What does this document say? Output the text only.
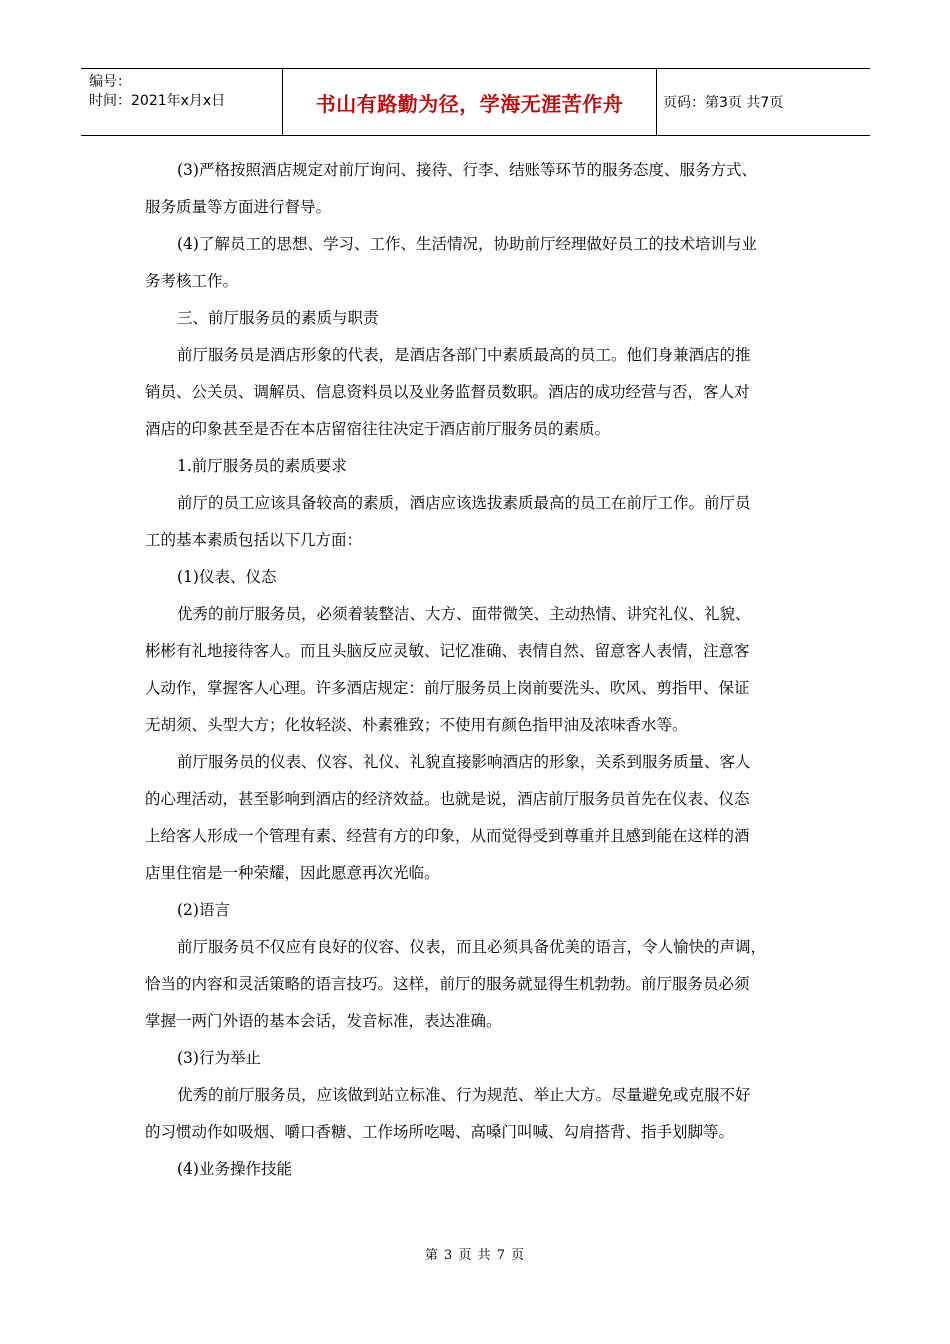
编号：
时间：2021年x月x日	书山有路勤为径，学海无涯苦作舟	页码：第3页 共7页
(3)严格按照酒店规定对前厅询问、接待、行李、结账等环节的服务态度、服务方式、
服务质量等方面进行督导。
(4)了解员工的思想、学习、工作、生活情况，协助前厅经理做好员工的技术培训与业
务考核工作。
三、前厅服务员的素质与职责
前厅服务员是酒店形象的代表，是酒店各部门中素质最高的员工。他们身兼酒店的推
销员、公关员、调解员、信息资料员以及业务监督员数职。酒店的成功经营与否，客人对
酒店的印象甚至是否在本店留宿往往决定于酒店前厅服务员的素质。
1.前厅服务员的素质要求
前厅的员工应该具备较高的素质，酒店应该选拔素质最高的员工在前厅工作。前厅员
工的基本素质包括以下几方面：
(1)仪表、仪态
优秀的前厅服务员，必须着装整洁、大方、面带微笑、主动热情、讲究礼仪、礼貌、
彬彬有礼地接待客人。而且头脑反应灵敏、记忆准确、表情自然、留意客人表情，注意客
人动作，掌握客人心理。许多酒店规定：前厅服务员上岗前要洗头、吹风、剪指甲、保证
无胡须、头型大方；化妆轻淡、朴素雅致；不使用有颜色指甲油及浓味香水等。
前厅服务员的仪表、仪容、礼仪、礼貌直接影响酒店的形象，关系到服务质量、客人
的心理活动，甚至影响到酒店的经济效益。也就是说，酒店前厅服务员首先在仪表、仪态
上给客人形成一个管理有素、经营有方的印象，从而觉得受到尊重并且感到能在这样的酒
店里住宿是一种荣耀，因此愿意再次光临。
(2)语言
前厅服务员不仅应有良好的仪容、仪表，而且必须具备优美的语言，令人愉快的声调，
恰当的内容和灵活策略的语言技巧。这样，前厅的服务就显得生机勃勃。前厅服务员必须
掌握一两门外语的基本会话，发音标准，表达准确。
(3)行为举止
优秀的前厅服务员，应该做到站立标准、行为规范、举止大方。尽量避免或克服不好
的习惯动作如吸烟、嚼口香糖、工作场所吃喝、高嗓门叫喊、勾肩搭背、指手划脚等。
(4)业务操作技能
第 3 页 共 7 页
